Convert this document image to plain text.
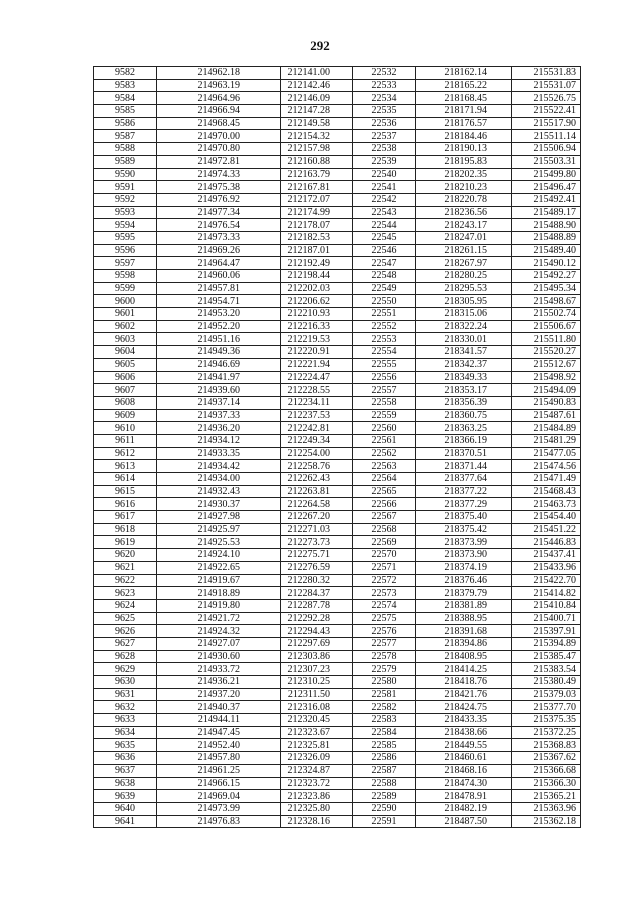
292
9582	214962.18	212141.00	22532	218162.14	215531.83
9583	214963.19	212142.46	22533	218165.22	215531.07
9584	214964.96	212146.09	22534	218168.45	215526.75
9585	214966.94	212147.28	22535	218171.94	215522.41
9586	214968.45	212149.58	22536	218176.57	215517.90
9587	214970.00	212154.32	22537	218184.46	215511.14
9588	214970.80	212157.98	22538	218190.13	215506.94
9589	214972.81	212160.88	22539	218195.83	215503.31
9590	214974.33	212163.79	22540	218202.35	215499.80
9591	214975.38	212167.81	22541	218210.23	215496.47
9592	214976.92	212172.07	22542	218220.78	215492.41
9593	214977.34	212174.99	22543	218236.56	215489.17
9594	214976.54	212178.07	22544	218243.17	215488.90
9595	214973.33	212182.53	22545	218247.01	215488.89
9596	214969.26	212187.01	22546	218261.15	215489.40
9597	214964.47	212192.49	22547	218267.97	215490.12
9598	214960.06	212198.44	22548	218280.25	215492.27
9599	214957.81	212202.03	22549	218295.53	215495.34
9600	214954.71	212206.62	22550	218305.95	215498.67
9601	214953.20	212210.93	22551	218315.06	215502.74
9602	214952.20	212216.33	22552	218322.24	215506.67
9603	214951.16	212219.53	22553	218330.01	215511.80
9604	214949.36	212220.91	22554	218341.57	215520.27
9605	214946.69	212221.94	22555	218342.37	215512.67
9606	214941.97	212224.47	22556	218349.33	215498.92
9607	214939.60	212228.55	22557	218353.17	215494.09
9608	214937.14	212234.11	22558	218356.39	215490.83
9609	214937.33	212237.53	22559	218360.75	215487.61
9610	214936.20	212242.81	22560	218363.25	215484.89
9611	214934.12	212249.34	22561	218366.19	215481.29
9612	214933.35	212254.00	22562	218370.51	215477.05
9613	214934.42	212258.76	22563	218371.44	215474.56
9614	214934.00	212262.43	22564	218377.64	215471.49
9615	214932.43	212263.81	22565	218377.22	215468.43
9616	214930.37	212264.58	22566	218377.29	215463.73
9617	214927.98	212267.20	22567	218375.40	215454.40
9618	214925.97	212271.03	22568	218375.42	215451.22
9619	214925.53	212273.73	22569	218373.99	215446.83
9620	214924.10	212275.71	22570	218373.90	215437.41
9621	214922.65	212276.59	22571	218374.19	215433.96
9622	214919.67	212280.32	22572	218376.46	215422.70
9623	214918.89	212284.37	22573	218379.79	215414.82
9624	214919.80	212287.78	22574	218381.89	215410.84
9625	214921.72	212292.28	22575	218388.95	215400.71
9626	214924.32	212294.43	22576	218391.68	215397.91
9627	214927.07	212297.69	22577	218394.86	215394.89
9628	214930.60	212303.86	22578	218408.95	215385.47
9629	214933.72	212307.23	22579	218414.25	215383.54
9630	214936.21	212310.25	22580	218418.76	215380.49
9631	214937.20	212311.50	22581	218421.76	215379.03
9632	214940.37	212316.08	22582	218424.75	215377.70
9633	214944.11	212320.45	22583	218433.35	215375.35
9634	214947.45	212323.67	22584	218438.66	215372.25
9635	214952.40	212325.81	22585	218449.55	215368.83
9636	214957.80	212326.09	22586	218460.61	215367.62
9637	214961.25	212324.87	22587	218468.16	215366.68
9638	214966.15	212323.72	22588	218474.30	215366.30
9639	214969.04	212323.86	22589	218478.91	215365.21
9640	214973.99	212325.80	22590	218482.19	215363.96
9641	214976.83	212328.16	22591	218487.50	215362.18
